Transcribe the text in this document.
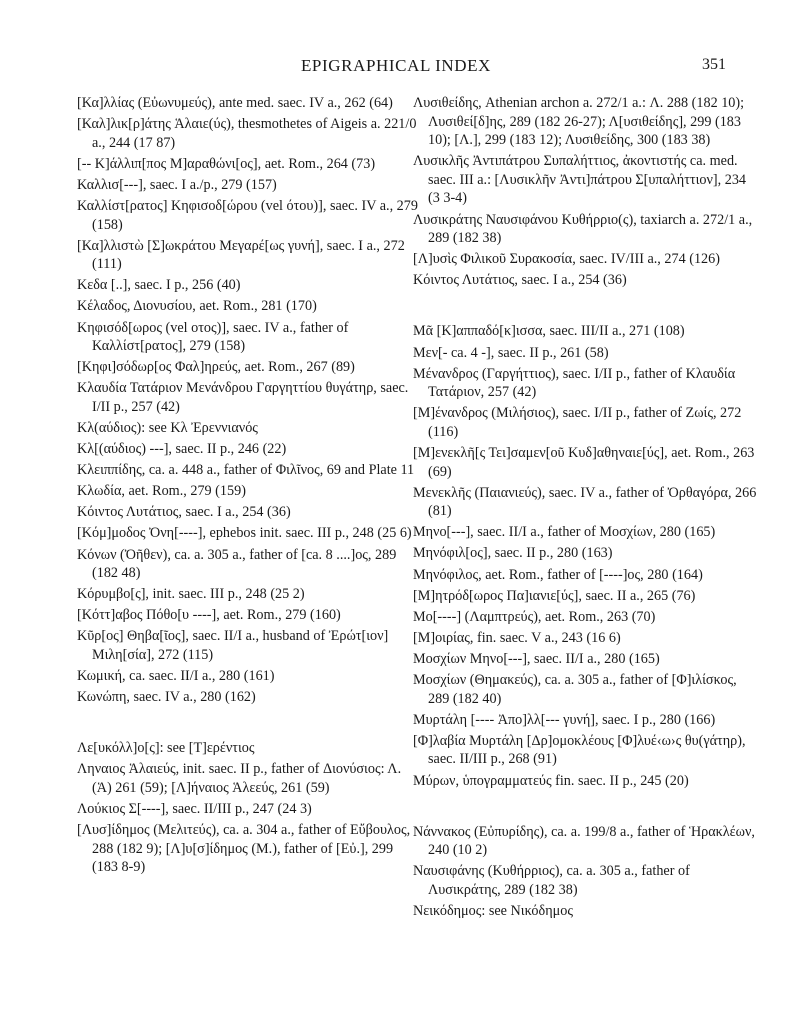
EPIGRAPHICAL INDEX	351
[Κα]λλίας (Εὐωνυμεύς), ante med. saec. IV a., 262 (64)
[Καλ]λικ[ρ]άτης Ἁλαιε(ύς), thesmothetes of Aigeis a. 221/0 a., 244 (17 87)
[-- Κ]άλλιπ[πος Μ]αραθώνι[ος], aet. Rom., 264 (73)
Καλλισ[---], saec. I a./p., 279 (157)
Καλλίστ[ρατος] Κηφισοδ[ώρου (vel ότου)], saec. IV a., 279 (158)
[Κα]λλιστὼ [Σ]ωκράτου Μεγαρέ[ως γυνή], saec. I a., 272 (111)
Κεδα [..], saec. I p., 256 (40)
Κέλαδος, Διονυσίου, aet. Rom., 281 (170)
Κηφισόδ[ωρος (vel οτος)], saec. IV a., father of Καλλίστ[ρατος], 279 (158)
[Κηφι]σόδωρ[ος Φαλ]ηρεύς, aet. Rom., 267 (89)
Κλαυδία Τατάριον Μενάνδρου Γαργηττίου θυγάτηρ, saec. I/II p., 257 (42)
Κλ(αύδιος): see Κλ Ἐρεννιανός
Κλ[(αύδιος) ---], saec. II p., 246 (22)
Κλειππίδης, ca. a. 448 a., father of Φιλῖνος, 69 and Plate 11
Κλωδία, aet. Rom., 279 (159)
Κόιντος Λυτάτιος, saec. I a., 254 (36)
[Κόμ]μοδος Ὀνη[----], ephebos init. saec. III p., 248 (25 6)
Κόνων (Ὀῆθεν), ca. a. 305 a., father of [ca. 8 ....]ος, 289 (182 48)
Κόρυμβο[ς], init. saec. III p., 248 (25 2)
[Κόττ]αβος Πόθο[υ ----], aet. Rom., 279 (160)
Κῦρ[ος] Θηβα[ῖος], saec. II/I a., husband of Ἐρώτ[ιον] Μιλη[σία], 272 (115)
Κωμική, ca. saec. II/I a., 280 (161)
Κωνώπη, saec. IV a., 280 (162)
Λε[υκόλλ]ο[ς]: see [Τ]ερέντιος
Ληναιος Ἁλαιεύς, init. saec. II p., father of Διονύσιος: Λ. (Ἁ) 261 (59); [Λ]ήναιος Ἁλεεύς, 261 (59)
Λούκιος Σ[----], saec. II/III p., 247 (24 3)
[Λυσ]ίδημος (Μελιτεύς), ca. a. 304 a., father of Εὔβουλος, 288 (182 9); [Λ]υ[σ]ίδημος (Μ.), father of [Εὐ.], 299 (183 8-9)
Λυσιθείδης, Athenian archon a. 272/1 a.: Λ. 288 (182 10); Λυσιθεί[δ]ης, 289 (182 26-27); Λ[υσιθείδης], 299 (183 10); [Λ.], 299 (183 12); Λυσιθείδης, 300 (183 38)
Λυσικλῆς Ἀντιπάτρου Συπαλήττιος, ἀκοντιστής ca. med. saec. III a.: [Λυσικλῆν Ἀντι]πάτρου Σ[υπαλήττιον], 234 (3 3-4)
Λυσικράτης Ναυσιφάνου Κυθήρριο(ς), taxiarch a. 272/1 a., 289 (182 38)
[Λ]υσὶς Φιλικοῦ Συρακοσία, saec. IV/III a., 274 (126)
Κόιντος Λυτάτιος, saec. I a., 254 (36)
Μᾶ [Κ]αππαδό[κ]ισσα, saec. III/II a., 271 (108)
Μεν[- ca. 4 -], saec. II p., 261 (58)
Μένανδρος (Γαργήττιος), saec. I/II p., father of Κλαυδία Τατάριον, 257 (42)
[Μ]ένανδρος (Μιλήσιος), saec. I/II p., father of Ζωίς, 272 (116)
[Μ]ενεκλῆ[ς Τει]σαμεν[οῦ Κυδ]αθηναιε[ύς], aet. Rom., 263 (69)
Μενεκλῆς (Παιανιεύς), saec. IV a., father of Ὀρθαγόρα, 266 (81)
Μηνο[---], saec. II/I a., father of Μοσχίων, 280 (165)
Μηνόφιλ[ος], saec. II p., 280 (163)
Μηνόφιλος, aet. Rom., father of [----]ος, 280 (164)
[Μ]ητρόδ[ωρος Πα]ιανιε[ύς], saec. II a., 265 (76)
Μο[----] (Λαμπτρεύς), aet. Rom., 263 (70)
[Μ]οιρίας, fin. saec. V a., 243 (16 6)
Μοσχίων Μηνο[---], saec. II/I a., 280 (165)
Μοσχίων (Θημακεύς), ca. a. 305 a., father of [Φ]ιλίσκος, 289 (182 40)
Μυρτάλη [---- Ἀπο]λλ[--- γυνή], saec. I p., 280 (166)
[Φ]λαβία Μυρτάλη [Δρ]ομοκλέους [Φ]λυέ‹ω›ς θυ(γάτηρ), saec. II/III p., 268 (91)
Μύρων, ὑπογραμματεύς fin. saec. II p., 245 (20)
Νάννακος (Εὐπυρίδης), ca. a. 199/8 a., father of Ἡρακλέων, 240 (10 2)
Ναυσιφάνης (Κυθήρριος), ca. a. 305 a., father of Λυσικράτης, 289 (182 38)
Νεικόδημος: see Νικόδημος
